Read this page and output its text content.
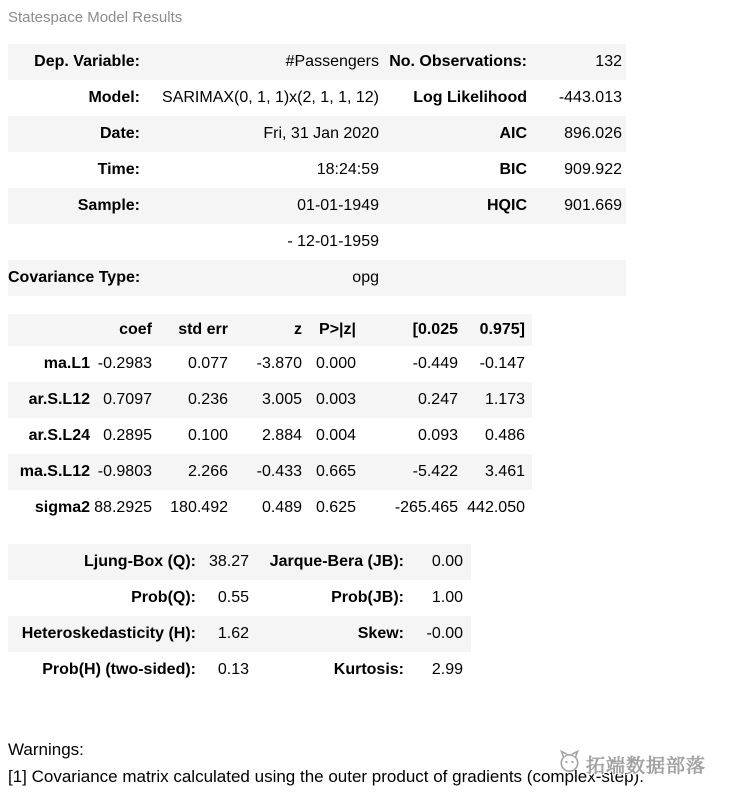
Statespace Model Results
Dep. Variable:	#Passengers	No. Observations:	132
Model:	SARIMAX(0, 1, 1)x(2, 1, 1, 12)	Log Likelihood	-443.013
Date:	Fri, 31 Jan 2020	AIC	896.026
Time:	18:24:59	BIC	909.922
Sample:	01-01-1949	HQIC	901.669
	- 12-01-1959		
Covariance Type:	opg		
	coef	std err	z	P>|z|	[0.025	0.975]
ma.L1	-0.2983	0.077	-3.870	0.000	-0.449	-0.147
ar.S.L12	0.7097	0.236	3.005	0.003	0.247	1.173
ar.S.L24	0.2895	0.100	2.884	0.004	0.093	0.486
ma.S.L12	-0.9803	2.266	-0.433	0.665	-5.422	3.461
sigma2	88.2925	180.492	0.489	0.625	-265.465	442.050
Ljung-Box (Q):	38.27	Jarque-Bera (JB):	0.00
Prob(Q):	0.55	Prob(JB):	1.00
Heteroskedasticity (H):	1.62	Skew:	-0.00
Prob(H) (two-sided):	0.13	Kurtosis:	2.99
Warnings:
[1] Covariance matrix calculated using the outer product of gradients (complex-step).
拓端数据部落
